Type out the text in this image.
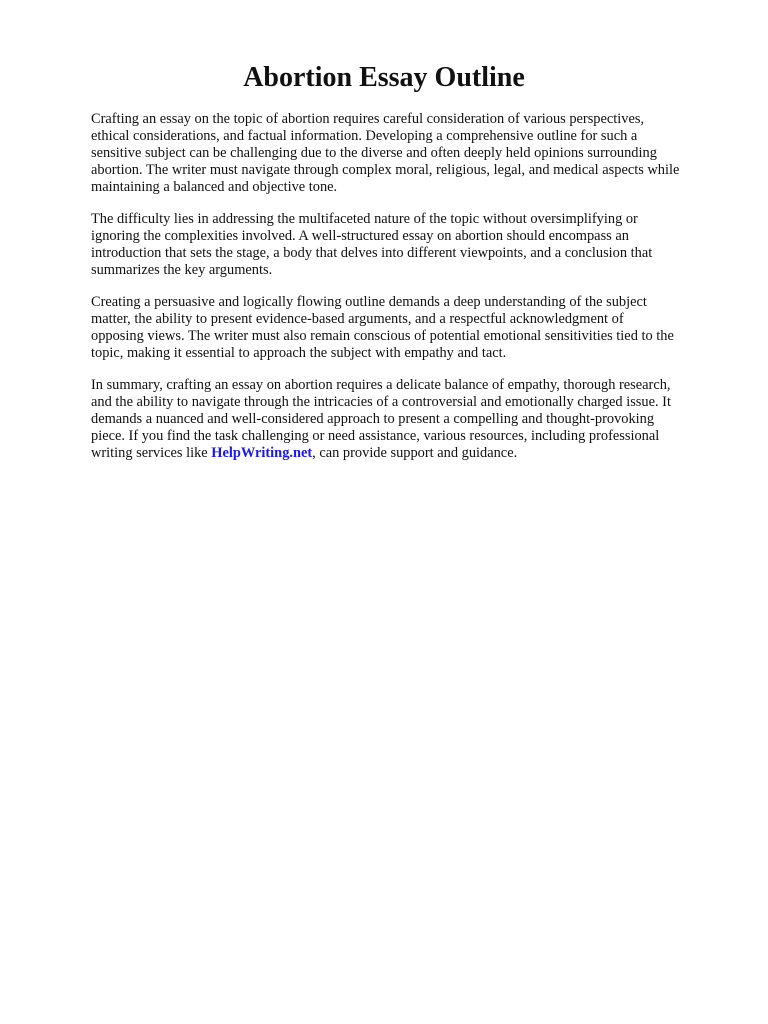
Abortion Essay Outline

Crafting an essay on the topic of abortion requires careful consideration of various perspectives,
ethical considerations, and factual information. Developing a comprehensive outline for such a
sensitive subject can be challenging due to the diverse and often deeply held opinions surrounding
abortion. The writer must navigate through complex moral, religious, legal, and medical aspects while
maintaining a balanced and objective tone.

The difficulty lies in addressing the multifaceted nature of the topic without oversimplifying or
ignoring the complexities involved. A well-structured essay on abortion should encompass an
introduction that sets the stage, a body that delves into different viewpoints, and a conclusion that
summarizes the key arguments.

Creating a persuasive and logically flowing outline demands a deep understanding of the subject
matter, the ability to present evidence-based arguments, and a respectful acknowledgment of
opposing views. The writer must also remain conscious of potential emotional sensitivities tied to the
topic, making it essential to approach the subject with empathy and tact.

In summary, crafting an essay on abortion requires a delicate balance of empathy, thorough research,
and the ability to navigate through the intricacies of a controversial and emotionally charged issue. It
demands a nuanced and well-considered approach to present a compelling and thought-provoking
piece. If you find the task challenging or need assistance, various resources, including professional
writing services like HelpWriting.net, can provide support and guidance.
